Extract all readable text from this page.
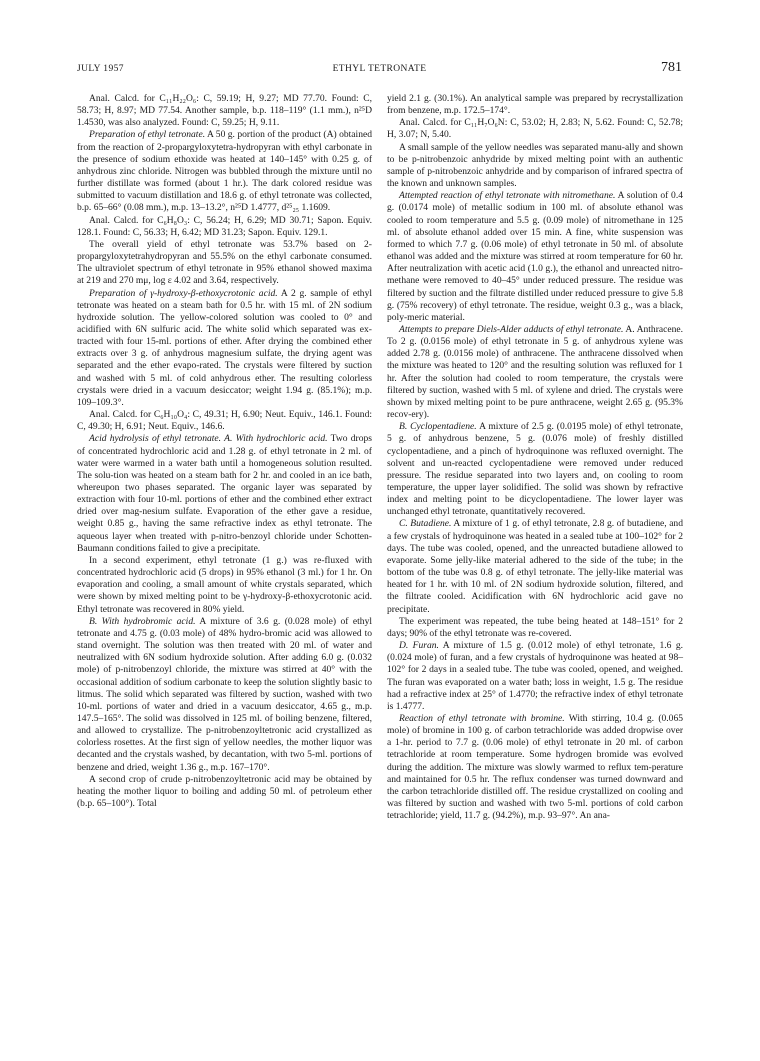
JULY 1957	ETHYL TETRONATE	781

Anal. Calcd. for C₁₁H₂₂O₆: C, 59.19; H, 9.27; MD 77.70. Found: C, 58.73; H, 8.97; MD 77.54. Another sample, b.p. 118–119° (1.1 mm.), n²⁵D 1.4530, was also analyzed. Found: C, 59.25; H, 9.11.

Preparation of ethyl tetronate. A 50 g. portion of the product (A) obtained from the reaction of 2-propargyloxytetra-hydropyran with ethyl carbonate in the presence of sodium ethoxide was heated at 140–145° with 0.25 g. of anhydrous zinc chloride. Nitrogen was bubbled through the mixture until no further distillate was formed (about 1 hr.). The dark colored residue was submitted to vacuum distillation and 18.6 g. of ethyl tetronate was collected, b.p. 65–66° (0.08 mm.), m.p. 13–13.2°, n²⁵D 1.4777, d²⁵₂₅ 1.1609.

Anal. Calcd. for C₆H₈O₃: C, 56.24; H, 6.29; MD 30.71; Sapon. Equiv. 128.1. Found: C, 56.33; H, 6.42; MD 31.23; Sapon. Equiv. 129.1.

The overall yield of ethyl tetronate was 53.7% based on 2-propargyloxytetrahydropyran and 55.5% on the ethyl carbonate consumed. The ultraviolet spectrum of ethyl tetronate in 95% ethanol showed maxima at 219 and 270 mμ, log ε 4.02 and 3.64, respectively.

Preparation of γ-hydroxy-β-ethoxycrotonic acid. A 2 g. sample of ethyl tetronate was heated on a steam bath for 0.5 hr. with 15 ml. of 2N sodium hydroxide solution. The yellow-colored solution was cooled to 0° and acidified with 6N sulfuric acid. The white solid which separated was ex-tracted with four 15-ml. portions of ether. After drying the combined ether extracts over 3 g. of anhydrous magnesium sulfate, the drying agent was separated and the ether evapo-rated. The crystals were filtered by suction and washed with 5 ml. of cold anhydrous ether. The resulting colorless crystals were dried in a vacuum desiccator; weight 1.94 g. (85.1%); m.p. 109–109.3°.

Anal. Calcd. for C₆H₁₀O₄: C, 49.31; H, 6.90; Neut. Equiv., 146.1. Found: C, 49.30; H, 6.91; Neut. Equiv., 146.6.

Acid hydrolysis of ethyl tetronate. A. With hydrochloric acid. Two drops of concentrated hydrochloric acid and 1.28 g. of ethyl tetronate in 2 ml. of water were warmed in a water bath until a homogeneous solution resulted. The solu-tion was heated on a steam bath for 2 hr. and cooled in an ice bath, whereupon two phases separated. The organic layer was separated by extraction with four 10-ml. portions of ether and the combined ether extract dried over mag-nesium sulfate. Evaporation of the ether gave a residue, weight 0.85 g., having the same refractive index as ethyl tetronate. The aqueous layer when treated with p-nitro-benzoyl chloride under Schotten-Baumann conditions failed to give a precipitate.

In a second experiment, ethyl tetronate (1 g.) was re-fluxed with concentrated hydrochloric acid (5 drops) in 95% ethanol (3 ml.) for 1 hr. On evaporation and cooling, a small amount of white crystals separated, which were shown by mixed melting point to be γ-hydroxy-β-ethoxycrotonic acid. Ethyl tetronate was recovered in 80% yield.

B. With hydrobromic acid. A mixture of 3.6 g. (0.028 mole) of ethyl tetronate and 4.75 g. (0.03 mole) of 48% hydro-bromic acid was allowed to stand overnight. The solution was then treated with 20 ml. of water and neutralized with 6N sodium hydroxide solution. After adding 6.0 g. (0.032 mole) of p-nitrobenzoyl chloride, the mixture was stirred at 40° with the occasional addition of sodium carbonate to keep the solution slightly basic to litmus. The solid which separated was filtered by suction, washed with two 10-ml. portions of water and dried in a vacuum desiccator, 4.65 g., m.p. 147.5–165°. The solid was dissolved in 125 ml. of boiling benzene, filtered, and allowed to crystallize. The p-nitrobenzoyltetronic acid crystallized as colorless rosettes. At the first sign of yellow needles, the mother liquor was decanted and the crystals washed, by decantation, with two 5-ml. portions of benzene and dried, weight 1.36 g., m.p. 167–170°.

A second crop of crude p-nitrobenzoyltetronic acid may be obtained by heating the mother liquor to boiling and adding 50 ml. of petroleum ether (b.p. 65–100°). Total

yield 2.1 g. (30.1%). An analytical sample was prepared by recrystallization from benzene, m.p. 172.5–174°.

Anal. Calcd. for C₁₁H₇O₆N: C, 53.02; H, 2.83; N, 5.62. Found: C, 52.78; H, 3.07; N, 5.40.

A small sample of the yellow needles was separated manu-ally and shown to be p-nitrobenzoic anhydride by mixed melting point with an authentic sample of p-nitrobenzoic anhydride and by comparison of infrared spectra of the known and unknown samples.

Attempted reaction of ethyl tetronate with nitromethane. A solution of 0.4 g. (0.0174 mole) of metallic sodium in 100 ml. of absolute ethanol was cooled to room temperature and 5.5 g. (0.09 mole) of nitromethane in 125 ml. of absolute ethanol added over 15 min. A fine, white suspension was formed to which 7.7 g. (0.06 mole) of ethyl tetronate in 50 ml. of absolute ethanol was added and the mixture was stirred at room temperature for 60 hr. After neutralization with acetic acid (1.0 g.), the ethanol and unreacted nitro-methane were removed to 40–45° under reduced pressure. The residue was filtered by suction and the filtrate distilled under reduced pressure to give 5.8 g. (75% recovery) of ethyl tetronate. The residue, weight 0.3 g., was a black, poly-meric material.

Attempts to prepare Diels-Alder adducts of ethyl tetronate. A. Anthracene. To 2 g. (0.0156 mole) of ethyl tetronate in 5 g. of anhydrous xylene was added 2.78 g. (0.0156 mole) of anthracene. The anthracene dissolved when the mixture was heated to 120° and the resulting solution was refluxed for 1 hr. After the solution had cooled to room temperature, the crystals were filtered by suction, washed with 5 ml. of xylene and dried. The crystals were shown by mixed melting point to be pure anthracene, weight 2.65 g. (95.3% recov-ery).

B. Cyclopentadiene. A mixture of 2.5 g. (0.0195 mole) of ethyl tetronate, 5 g. of anhydrous benzene, 5 g. (0.076 mole) of freshly distilled cyclopentadiene, and a pinch of hydroquinone was refluxed overnight. The solvent and un-reacted cyclopentadiene were removed under reduced pressure. The residue separated into two layers and, on cooling to room temperature, the upper layer solidified. The solid was shown by refractive index and melting point to be dicyclopentadiene. The lower layer was unchanged ethyl tetronate, quantitatively recovered.

C. Butadiene. A mixture of 1 g. of ethyl tetronate, 2.8 g. of butadiene, and a few crystals of hydroquinone was heated in a sealed tube at 100–102° for 2 days. The tube was cooled, opened, and the unreacted butadiene allowed to evaporate. Some jelly-like material adhered to the side of the tube; in the bottom of the tube was 0.8 g. of ethyl tetronate. The jelly-like material was heated for 1 hr. with 10 ml. of 2N sodium hydroxide solution, filtered, and the filtrate cooled. Acidification with 6N hydrochloric acid gave no precipitate.

The experiment was repeated, the tube being heated at 148–151° for 2 days; 90% of the ethyl tetronate was re-covered.

D. Furan. A mixture of 1.5 g. (0.012 mole) of ethyl tetronate, 1.6 g. (0.024 mole) of furan, and a few crystals of hydroquinone was heated at 98–102° for 2 days in a sealed tube. The tube was cooled, opened, and weighed. The furan was evaporated on a water bath; loss in weight, 1.5 g. The residue had a refractive index at 25° of 1.4770; the refractive index of ethyl tetronate is 1.4777.

Reaction of ethyl tetronate with bromine. With stirring, 10.4 g. (0.065 mole) of bromine in 100 g. of carbon tetrachloride was added dropwise over a 1-hr. period to 7.7 g. (0.06 mole) of ethyl tetronate in 20 ml. of carbon tetrachloride at room temperature. Some hydrogen bromide was evolved during the addition. The mixture was slowly warmed to reflux tem-perature and maintained for 0.5 hr. The reflux condenser was turned downward and the carbon tetrachloride distilled off. The residue crystallized on cooling and was filtered by suction and washed with two 5-ml. portions of cold carbon tetrachloride; yield, 11.7 g. (94.2%), m.p. 93–97°. An ana-
